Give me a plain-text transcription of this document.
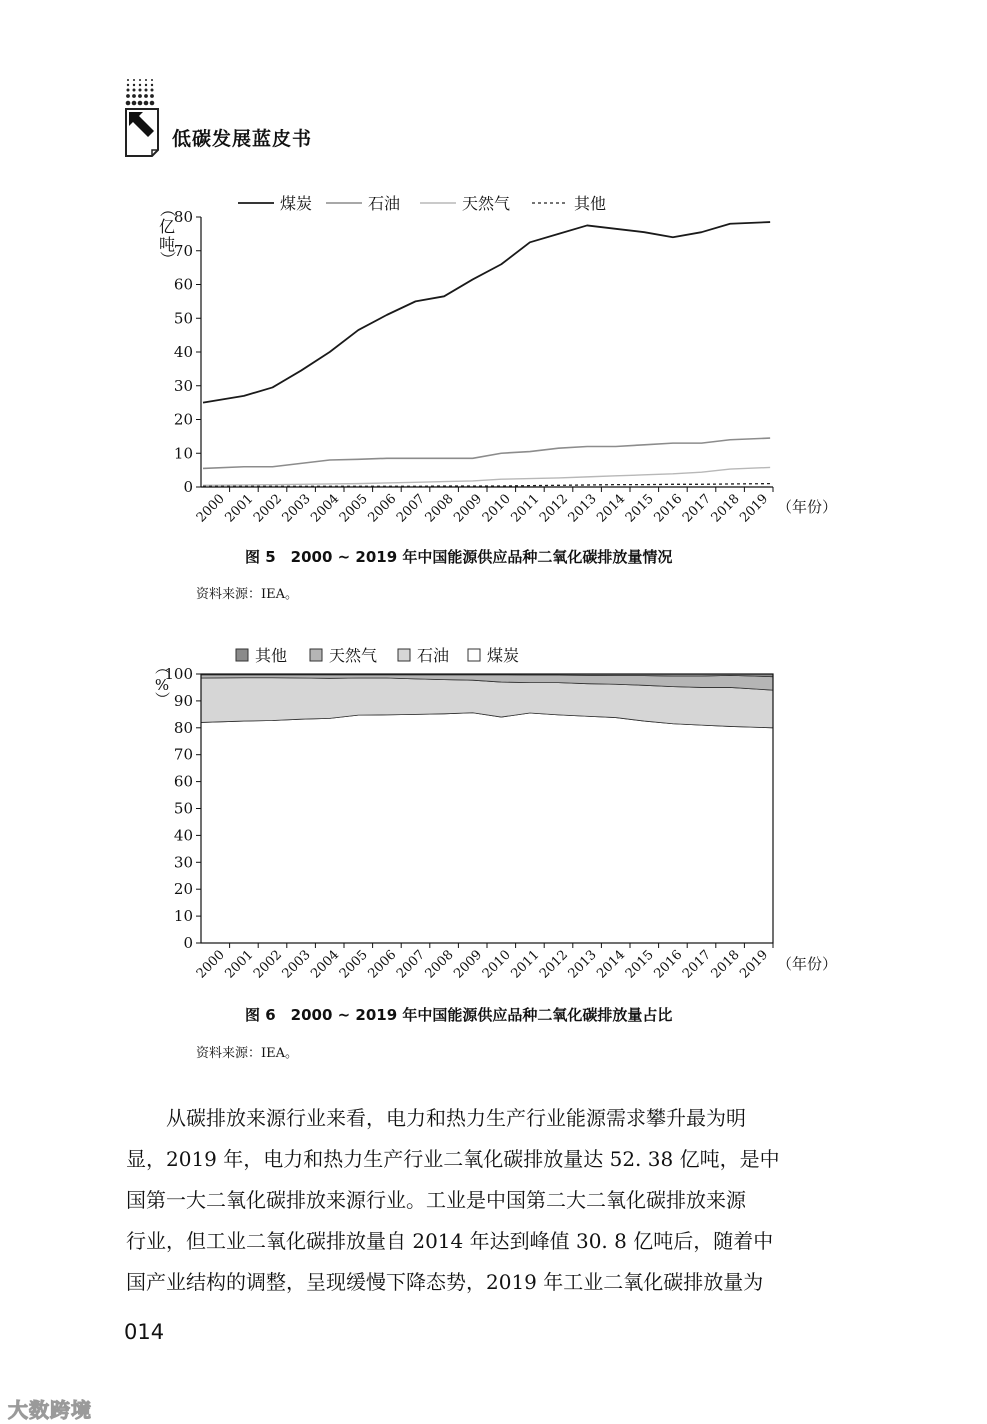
低碳发展蓝皮书
煤炭	石油	天然气	其他
（
亿
吨
）
0
10
20
30
40
50
60
70
80
2000
2001
2002
2003
2004
2005
2006
2007
2008
2009
2010
2011
2012
2013
2014
2015
2016
2017
2018
2019 （年份）
图 5　2000 ~ 2019 年中国能源供应品种二氧化碳排放量情况
资料来源：IEA。
其他	天然气 石油 煤炭
（
%
）
0
10
20
30
40
50
60
70
80
90
100
2000
2001
2002
2003
2004
2005
2006
2007
2008
2009
2010
2011
2012
2013
2014
2015
2016
2017
2018
2019 （年份）
图 6　2000 ~ 2019 年中国能源供应品种二氧化碳排放量占比
资料来源：IEA。

从碳排放来源行业来看，电力和热力生产行业能源需求攀升最为明

显，2019 年，电力和热力生产行业二氧化碳排放量达 52. 38 亿吨，是中

国第一大二氧化碳排放来源行业。工业是中国第二大二氧化碳排放来源

行业，但工业二氧化碳排放量自 2014 年达到峰值 30. 8 亿吨后，随着中

国产业结构的调整，呈现缓慢下降态势，2019 年工业二氧化碳排放量为

014
大数跨境
